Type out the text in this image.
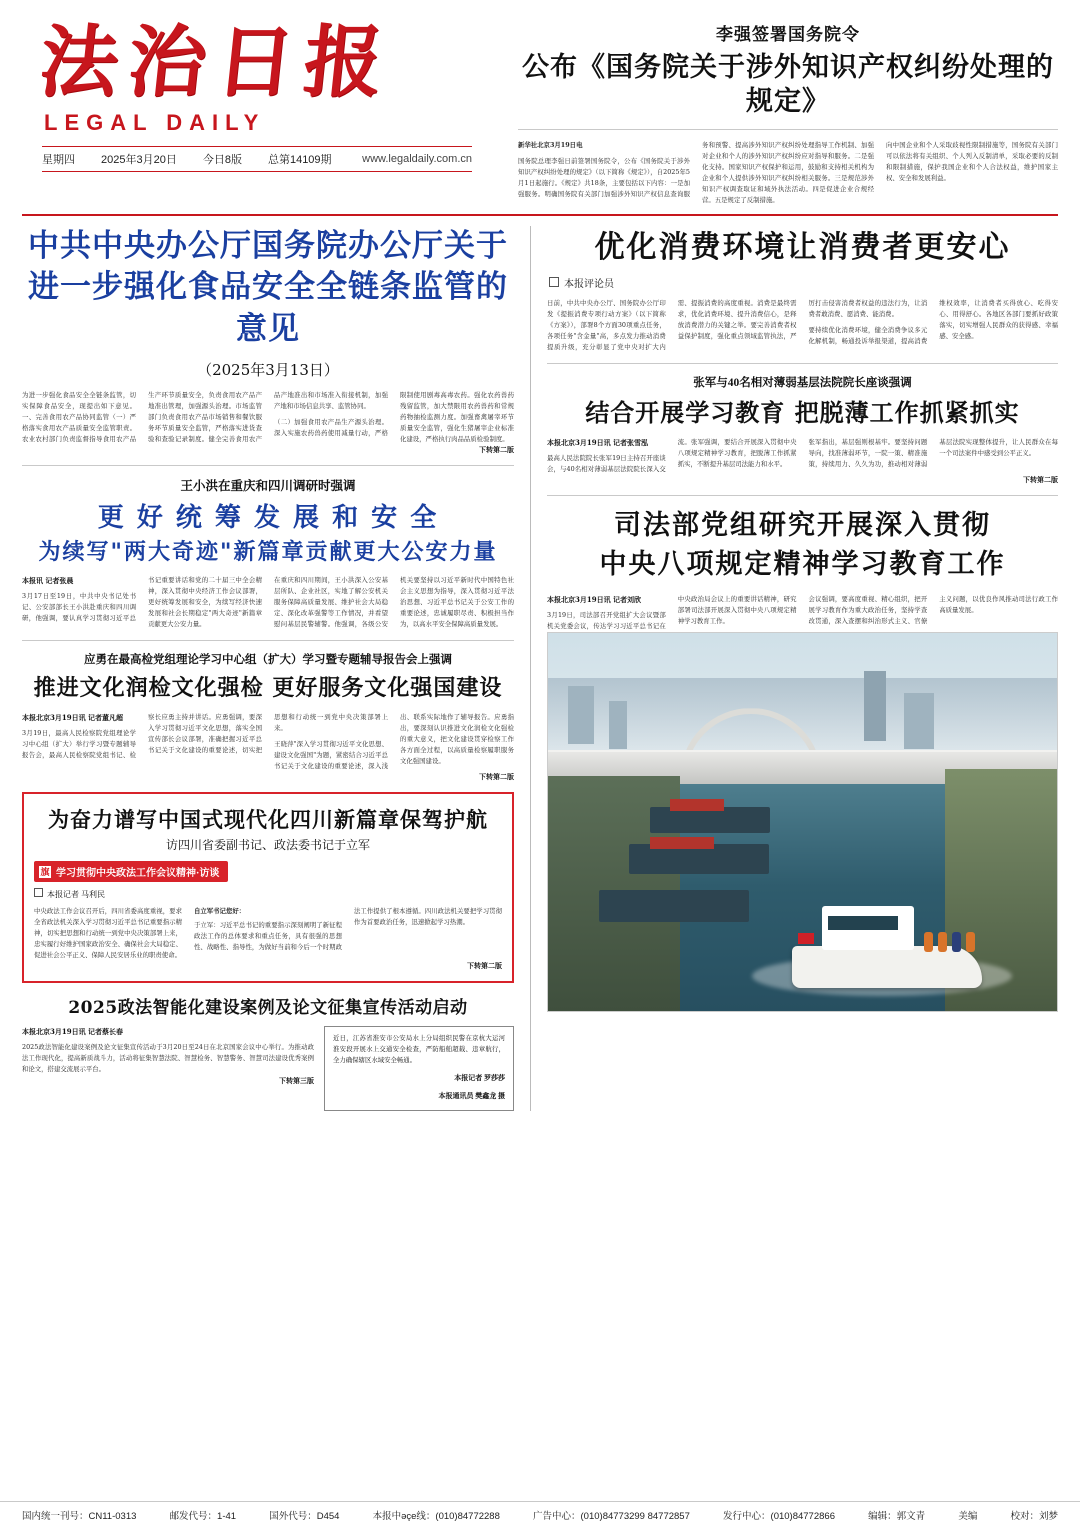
法治日报
LEGAL DAILY
星期四 2025年3月20日 今日8版 总第14109期	www.legaldaily.com.cn
李强签署国务院令
公布《国务院关于涉外知识产权纠纷处理的规定》

新华社北京3月19日电

国务院总理李强日前签署国务院令，公布《国务院关于涉外知识产权纠纷处理的规定》（以下简称《规定》），自2025年5月1日起施行。《规定》共18条，主要包括以下内容：一是加强服务。明确国务院有关部门加强涉外知识产权信息查询服务和预警、提高涉外知识产权纠纷处理指导工作机制、加强对企业和个人的涉外知识产权纠纷应对指导和服务。二是强化支持。国家知识产权保护和运用，鼓励和支持相关机构为企业和个人提供涉外知识产权纠纷相关服务。三是规范涉外知识产权调查取证和域外执法活动。四是促进企业合规经营。五是规定了反制措施。

向中国企业和个人采取歧视性限制措施等，国务院有关部门可以依法将有关组织、个人列入反制清单，采取必要的反制和限制措施，保护我国企业和个人合法权益，维护国家主权、安全和发展利益。

中共中央办公厅国务院办公厅关于
进一步强化食品安全全链条监管的意见
（2025年3月13日）

为进一步强化食品安全全链条监管，切实保障食品安全，现提出如下意见。一、完善食用农产品协同监管（一）严格落实食用农产品质量安全监管职责。农业农村部门负责监督指导食用农产品生产环节质量安全，负责食用农产品产地准出管理，加强源头治理。市场监管部门负责食用农产品市场销售和餐饮服务环节质量安全监管，严格落实进货查验和查验记录制度。健全完善食用农产品产地准出和市场准入衔接机制，加强产地和市场信息共享、监管协同。

（二）加强食用农产品生产源头治理。深入实施农药兽药使用减量行动，严格限制使用剧毒高毒农药。强化农药兽药残留监管，加大禁限用农药兽药和常规药物抽检监测力度。加强畜禽屠宰环节质量安全监管，强化生猪屠宰企业标准化建设，严格执行肉品品质检验制度。

下转第二版
王小洪在重庆和四川调研时强调
更 好 统 筹 发 展 和 安 全
为续写"两大奇迹"新篇章贡献更大公安力量

本报讯 记者张晨

3月17日至19日，中共中央书记处书记、公安部部长王小洪赴重庆和四川调研，他强调，要认真学习贯彻习近平总书记重要讲话和党的二十届三中全会精神，深入贯彻中央经济工作会议部署，更好统筹发展和安全，为续写经济快速发展和社会长期稳定"两大奇迹"新篇章贡献更大公安力量。

在重庆和四川期间，王小洪深入公安基层所队、企业社区，实地了解公安机关服务保障高质量发展、维护社会大局稳定、深化改革强警等工作情况，并看望慰问基层民警辅警。他强调，各级公安机关要坚持以习近平新时代中国特色社会主义思想为指导，深入贯彻习近平法治思想、习近平总书记关于公安工作的重要论述，忠诚履职尽责、积极担当作为，以高水平安全保障高质量发展。

应勇在最高检党组理论学习中心组（扩大）学习暨专题辅导报告会上强调
推进文化润检文化强检 更好服务文化强国建设

本报北京3月19日讯 记者董凡超

3月19日，最高人民检察院党组理论学习中心组（扩大）举行学习暨专题辅导报告会，最高人民检察院党组书记、检察长应勇主持并讲话。应勇强调，要深入学习贯彻习近平文化思想，落实全国宣传部长会议部署，准确把握习近平总书记关于文化建设的重要论述，切实把思想和行动统一到党中央决策部署上来。

王晓萍"深入学习贯彻习近平文化思想、建设文化强国"为题，紧密结合习近平总书记关于文化建设的重要论述，深入浅出、联系实际地作了辅导报告。应勇指出，要深刻认识推进文化润检文化强检的重大意义，把文化建设贯穿检察工作各方面全过程，以高质量检察履职服务文化强国建设。

下转第二版
为奋力谱写中国式现代化四川新篇章保驾护航
访四川省委副书记、政法委书记于立军
旗 学习贯彻中央政法工作会议精神·访谈
本报记者 马利民

中央政法工作会议召开后，四川省委高度重视，要求全省政法机关深入学习贯彻习近平总书记重要指示精神，切实把思想和行动统一到党中央决策部署上来，忠实履行好维护国家政治安全、确保社会大局稳定、促进社会公平正义、保障人民安居乐业的职责使命。

自立军书记您好：

于立军：习近平总书记的重要指示深刻阐明了新征程政法工作的总体要求和重点任务，具有很强的思想性、战略性、指导性，为做好当前和今后一个时期政法工作提供了根本遵循。四川政法机关要把学习贯彻作为首要政治任务，迅速掀起学习热潮。

下转第二版
2025政法智能化建设案例及论文征集宣传活动启动

本报北京3月19日讯 记者蔡长春

2025政法智能化建设案例及论文征集宣传活动于3月20日至24日在北京国家会议中心举行。为推动政法工作现代化，提高新质战斗力，活动将征集智慧法院、智慧检务、智慧警务、智慧司法建设优秀案例和论文，搭建交流展示平台。

下转第三版
近日，江苏省淮安市公安局水上分局组织民警在京杭大运河淮安段开展水上交通安全检查，严防船舶超载、违章航行，全力确保辖区水域安全畅通。
本报记者 罗莎莎
本报通讯员 樊鑫龙 摄
优化消费环境让消费者更安心
本报评论员

日前，中共中央办公厅、国务院办公厅印发《提振消费专项行动方案》（以下简称《方案》），部署8个方面30项重点任务，各项任务"含金量"高，多点发力推动消费提质升级，充分彰显了党中央对扩大内需、提振消费的高度重视。消费是最终需求，优化消费环境、提升消费信心，是释放消费潜力的关键之举。要完善消费者权益保护制度，强化重点领域监管执法，严厉打击侵害消费者权益的违法行为，让消费者敢消费、愿消费、能消费。

要持续优化消费环境，健全消费争议多元化解机制，畅通投诉举报渠道，提高消费维权效率，让消费者买得放心、吃得安心、用得舒心。各地区各部门要抓好政策落实，切实增强人民群众的获得感、幸福感、安全感。

张军与40名相对薄弱基层法院院长座谈强调
结合开展学习教育 把脱薄工作抓紧抓实

本报北京3月19日讯 记者张雪泓

最高人民法院院长张军19日主持召开座谈会，与40名相对薄弱基层法院院长深入交流。张军强调，要结合开展深入贯彻中央八项规定精神学习教育，把脱薄工作抓紧抓实，不断提升基层司法能力和水平。

张军指出，基层强则根基牢。要坚持问题导向，找准薄弱环节，一院一策、精准施策，持续用力、久久为功，推动相对薄弱基层法院实现整体提升，让人民群众在每一个司法案件中感受到公平正义。

下转第二版
司法部党组研究开展深入贯彻
中央八项规定精神学习教育工作

本报北京3月19日讯 记者刘欣

3月19日，司法部召开党组扩大会议暨部机关党委会议，传达学习习近平总书记在中央政治局会议上的重要讲话精神，研究部署司法部开展深入贯彻中央八项规定精神学习教育工作。

会议强调，要高度重视、精心组织，把开展学习教育作为重大政治任务，坚持学查改贯通，深入查摆和纠治形式主义、官僚主义问题，以优良作风推动司法行政工作高质量发展。

国内统一刊号：CN11-0313	邮发代号：1-41	国外代号：D454	本报中әçe线：(010)84772288	广告中心：(010)84773299 84772857	发行中心：(010)84772866	编辑：郭文青	美编	校对：刘梦
